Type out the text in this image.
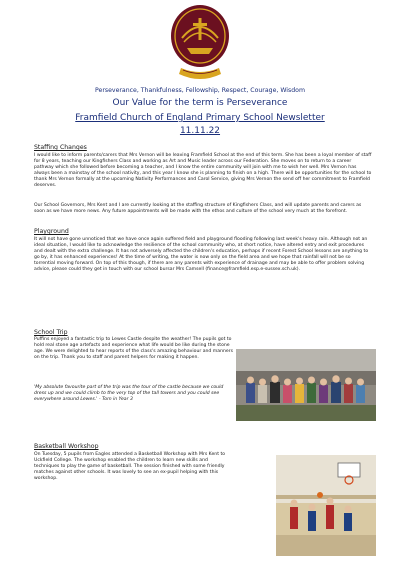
Perseverance, Thankfulness, Fellowship, Respect, Courage, Wisdom
Our Value for the term is Perseverance
Framfield Church of England Primary School Newsletter
11.11.22
Staffing Changes
I would like to inform parents/carers that Mrs Vernon will be leaving Framfield School at the end of this term. She has been a loyal member of staff for 8 years, teaching our Kingfishers Class and working as Art and Music leader across our Federation. She moves on to return to a career pathway which she followed before becoming a teacher, and I know the entire community will join with me to wish her well. Mrs Vernon has always been a mainstay of the school nativity, and this year I know she is planning to finish on a high. There will be opportunities for the school to thank Mrs Vernon formally at the upcoming Nativity Performances and Carol Service, giving Mrs Vernon the send off her commitment to Framfield deserves.
Our School Governors, Mrs Kent and I are currently looking at the staffing structure of Kingfishers Class, and will update parents and carers as soon as we have more news. Any future appointments will be made with the ethos and culture of the school very much at the forefront.
Playground
It will not have gone unnoticed that we have once again suffered field and playground flooding following last week's heavy rain. Although not an ideal situation, I would like to acknowledge the resilience of the school community who, at short notice, have altered entry and exit procedures and dealt with the extra challenge. It has not adversely affected the children's education, perhaps if recent Forest School lessons are anything to go by, it has enhanced experiences! At the time of writing, the water is now only on the field area and we hope that rainfall will not be so torrential moving forward. On top of this though, if there are any parents with experience of drainage and may be able to offer problem solving advice, please could they get in touch with our school bursar Mrs Camsell (finance@framfield.esp.e-sussex.sch.uk).
School Trip
Puffins enjoyed a fantastic trip to Lewes Castle despite the weather! The pupils got to hold real stone age artefacts and experience what life would be like during the stone age. We were delighted to hear reports of the class's amazing behaviour and manners on the trip. Thank you to staff and parent helpers for making it happen.
'My absolute favourite part of the trip was the tour of the castle because we could dress up and we could climb to the very top of the tall towers and you could see everywhere around Lewes.' - Tom in Year 3
Basketball Workshop
On Tuesday, 5 pupils from Eagles attended a Basketball Workshop with Mrs Kent to Uckfield College. The workshop enabled the children to learn new skills and techniques to play the game of basketball. The session finished with some friendly matches against other schools. It was lovely to see an ex-pupil helping with this workshop.
